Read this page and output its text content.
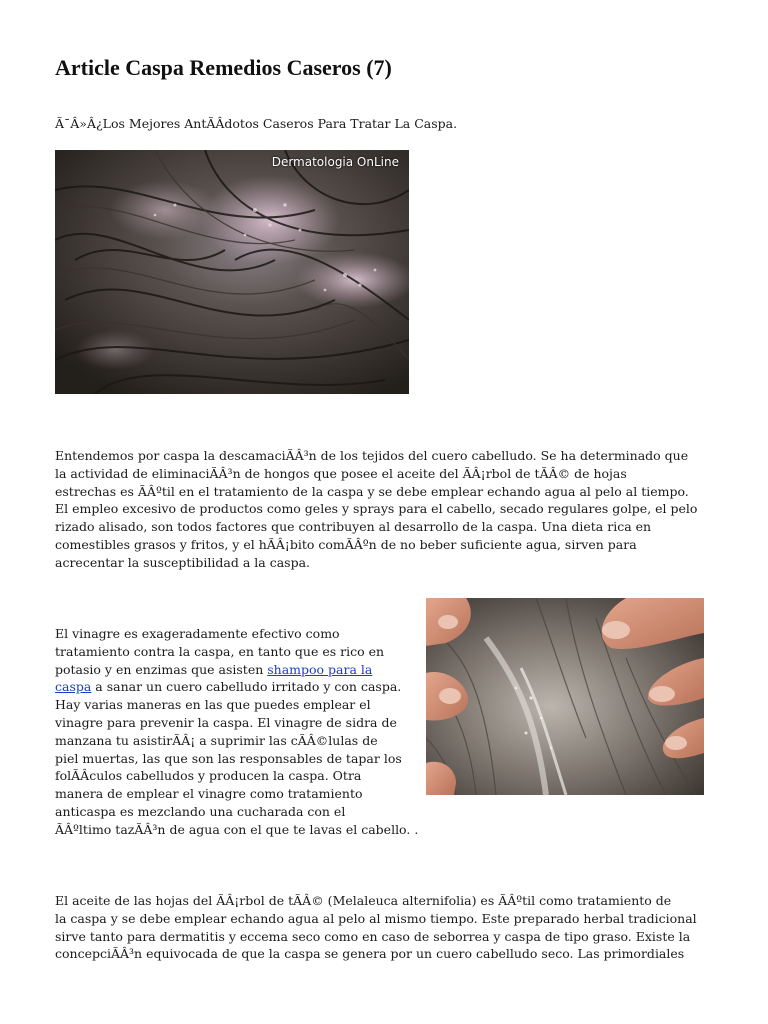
Article Caspa Remedios Caseros (7)

Ã¯Â»Â¿Los Mejores AntÃÂdotos Caseros Para Tratar La Caspa.

Dermatologia OnLine
Entendemos por caspa la descamaciÃÂ³n de los tejidos del cuero cabelludo. Se ha determinado que
la actividad de eliminaciÃÂ³n de hongos que posee el aceite del ÃÂ¡rbol de tÃÂ© de hojas
estrechas es ÃÂºtil en el tratamiento de la caspa y se debe emplear echando agua al pelo al tiempo.
El empleo excesivo de productos como geles y sprays para el cabello, secado regulares golpe, el pelo
rizado alisado, son todos factores que contribuyen al desarrollo de la caspa. Una dieta rica en
comestibles grasos y fritos, y el hÃÂ¡bito comÃÂºn de no beber suficiente agua, sirven para
acrecentar la susceptibilidad a la caspa.
El vinagre es exageradamente efectivo como
tratamiento contra la caspa, en tanto que es rico en
potasio y en enzimas que asisten shampoo para la
caspa a sanar un cuero cabelludo irritado y con caspa.
Hay varias maneras en las que puedes emplear el
vinagre para prevenir la caspa. El vinagre de sidra de
manzana tu asistirÃÂ¡ a suprimir las cÃÂ©lulas de
piel muertas, las que son las responsables de tapar los
folÃÂculos cabelludos y producen la caspa. Otra
manera de emplear el vinagre como tratamiento
anticaspa es mezclando una cucharada con el
ÃÂºltimo tazÃÂ³n de agua con el que te lavas el cabello. .
El aceite de las hojas del ÃÂ¡rbol de tÃÂ© (Melaleuca alternifolia) es ÃÂºtil como tratamiento de
la caspa y se debe emplear echando agua al pelo al mismo tiempo. Este preparado herbal tradicional
sirve tanto para dermatitis y eccema seco como en caso de seborrea y caspa de tipo graso. Existe la
concepciÃÂ³n equivocada de que la caspa se genera por un cuero cabelludo seco. Las primordiales
